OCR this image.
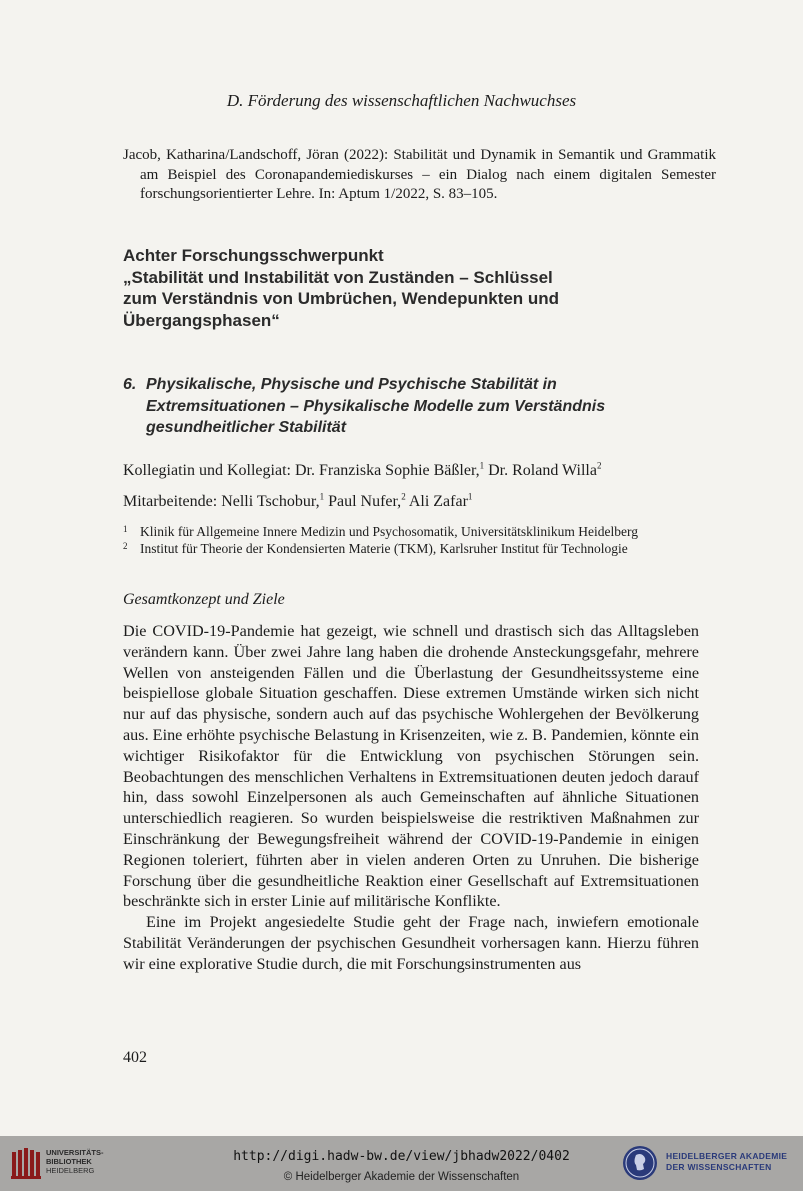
D. Förderung des wissenschaftlichen Nachwuchses
Jacob, Katharina/Landschoff, Jöran (2022): Stabilität und Dynamik in Semantik und Grammatik am Beispiel des Coronapandemiediskurses – ein Dialog nach einem digitalen Semester forschungsorientierter Lehre. In: Aptum 1/2022, S. 83–105.
Achter Forschungsschwerpunkt
„Stabilität und Instabilität von Zuständen – Schlüssel
zum Verständnis von Umbrüchen, Wendepunkten und
Übergangsphasen“
6. Physikalische, Physische und Psychische Stabilität in
Extremsituationen – Physikalische Modelle zum Verständnis
gesundheitlicher Stabilität
Kollegiatin und Kollegiat: Dr. Franziska Sophie Bäßler,$^1$ Dr. Roland Willa$^2$
Mitarbeitende: Nelli Tschobur,$^1$ Paul Nufer,$^2$ Ali Zafar$^1$
1 Klinik für Allgemeine Innere Medizin und Psychosomatik, Universitätsklinikum Heidelberg
2 Institut für Theorie der Kondensierten Materie (TKM), Karlsruher Institut für Technologie
Gesamtkonzept und Ziele

Die COVID-19-Pandemie hat gezeigt, wie schnell und drastisch sich das Alltagsleben verändern kann. Über zwei Jahre lang haben die drohende Ansteckungsgefahr, mehrere Wellen von ansteigenden Fällen und die Überlastung der Gesundheitssysteme eine beispiellose globale Situation geschaffen. Diese extremen Umstände wirken sich nicht nur auf das physische, sondern auch auf das psychische Wohlergehen der Bevölkerung aus. Eine erhöhte psychische Belastung in Krisenzeiten, wie z. B. Pandemien, könnte ein wichtiger Risikofaktor für die Entwicklung von psychischen Störungen sein. Beobachtungen des menschlichen Verhaltens in Extremsituationen deuten jedoch darauf hin, dass sowohl Einzelpersonen als auch Gemeinschaften auf ähnliche Situationen unterschiedlich reagieren. So wurden beispielsweise die restriktiven Maßnahmen zur Einschränkung der Bewegungsfreiheit während der COVID-19-Pandemie in einigen Regionen toleriert, führten aber in vielen anderen Orten zu Unruhen. Die bisherige Forschung über die gesundheitliche Reaktion einer Gesellschaft auf Extremsituationen beschränkte sich in erster Linie auf militärische Konflikte.

Eine im Projekt angesiedelte Studie geht der Frage nach, inwiefern emotionale Stabilität Veränderungen der psychischen Gesundheit vorhersagen kann. Hierzu führen wir eine explorative Studie durch, die mit Forschungsinstrumenten aus

402
UNIVERSITÄTS-
BIBLIOTHEK
HEIDELBERG
http://digi.hadw-bw.de/view/jbhadw2022/0402
© Heidelberger Akademie der Wissenschaften
HEIDELBERGER AKADEMIE
DER WISSENSCHAFTEN
